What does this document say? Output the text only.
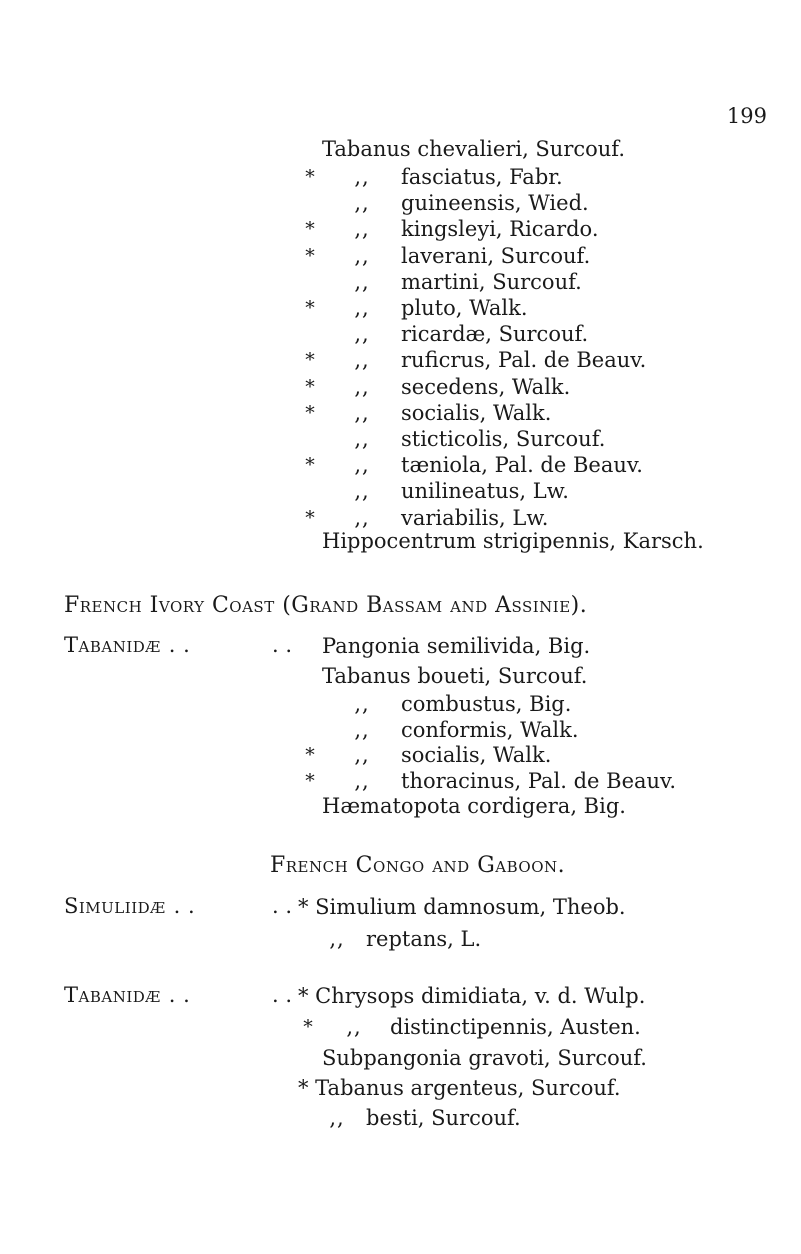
199
Tabanus chevalieri, Surcouf.
*	,,	fasciatus, Fabr.
,,	guineensis, Wied.
*	,,	kingsleyi, Ricardo.
*	,,	laverani, Surcouf.
,,	martini, Surcouf.
*	,,	pluto, Walk.
,,	ricardæ, Surcouf.
*	,,	ruficrus, Pal. de Beauv.
*	,,	secedens, Walk.
*	,,	socialis, Walk.
,,	sticticolis, Surcouf.
*	,,	tæniola, Pal. de Beauv.
,,	unilineatus, Lw.
*	,,	variabilis, Lw.
Hippocentrum strigipennis, Karsch.
French Ivory Coast (Grand Bassam and Assinie).
Tabanidæ . .	. . Pangonia semilivida, Big.
Tabanus boueti, Surcouf.
,,	combustus, Big.
,,	conformis, Walk.
*	,,	socialis, Walk.
*	,,	thoracinus, Pal. de Beauv.
Hæmatopota cordigera, Big.
French Congo and Gaboon.
Simuliidæ . .	. . * Simulium damnosum, Theob.
,,	reptans, L.
Tabanidæ . .	. . * Chrysops dimidiata, v. d. Wulp.
*	,,	distinctipennis, Austen.
Subpangonia gravoti, Surcouf.
* Tabanus argenteus, Surcouf.
,,	besti, Surcouf.
